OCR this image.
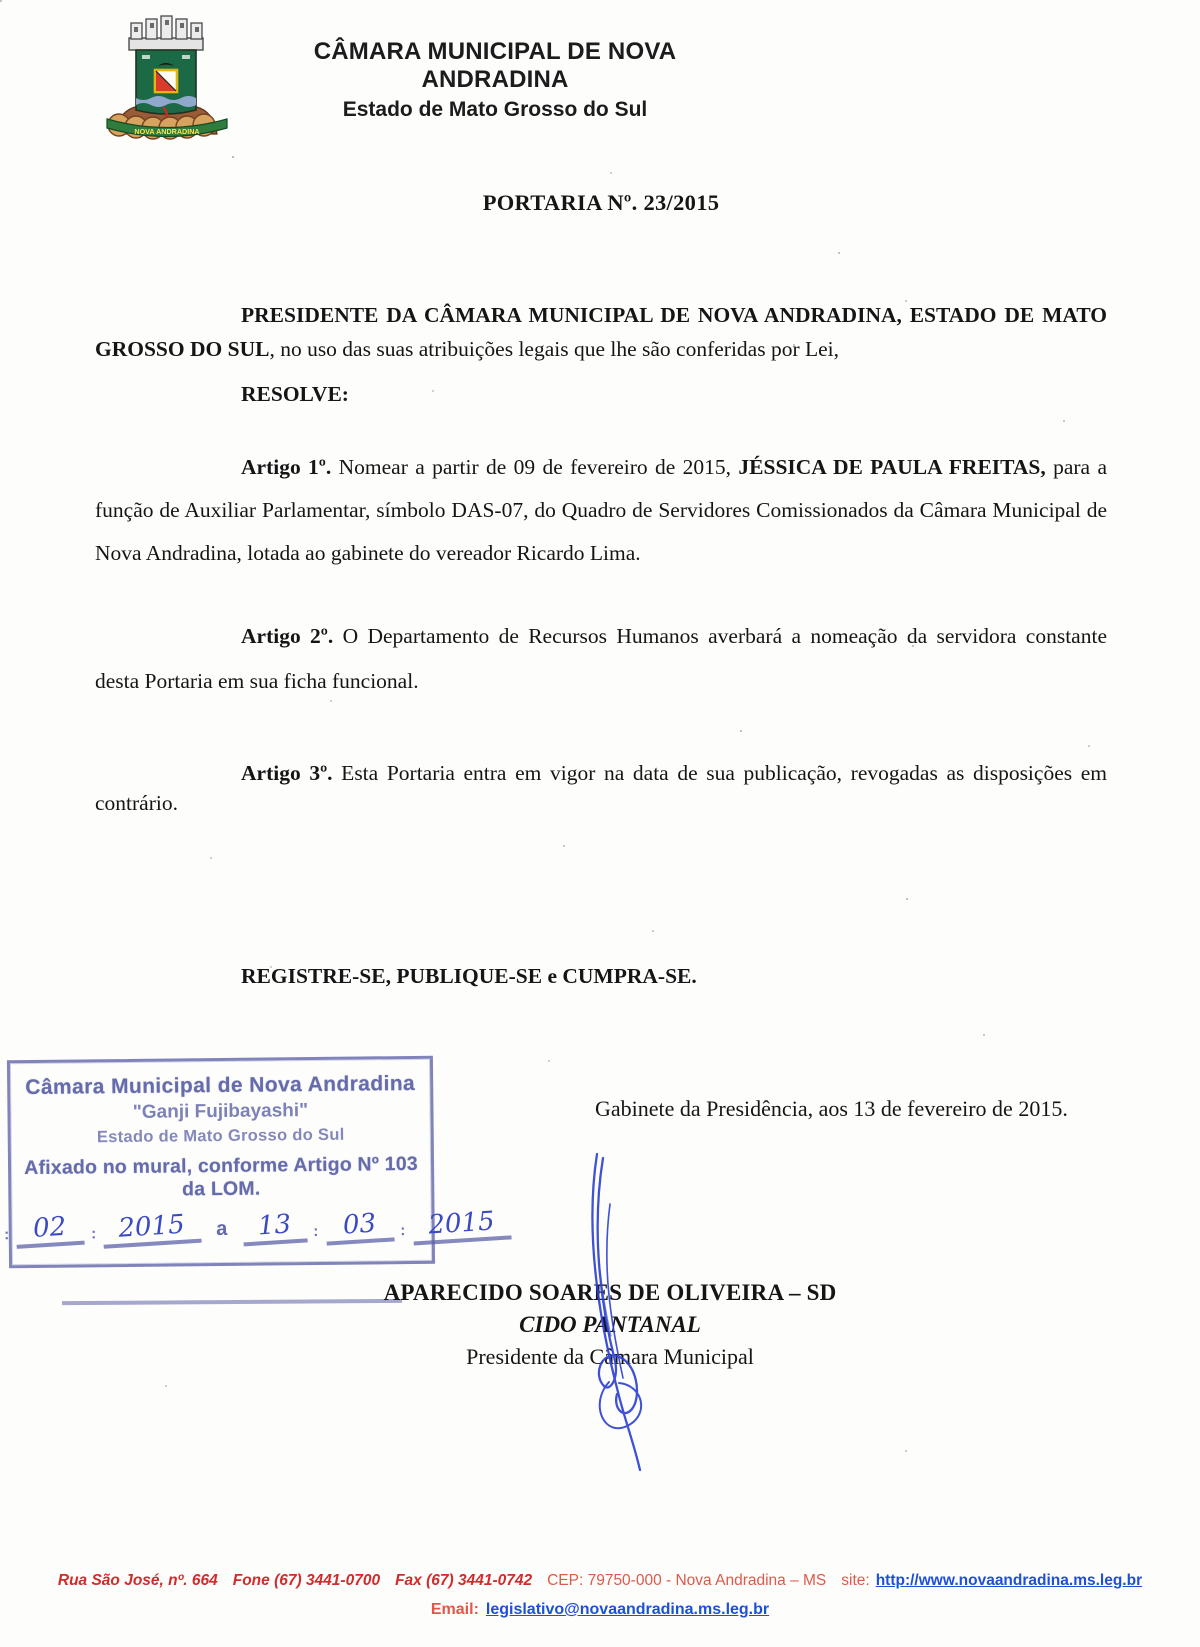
NOVA ANDRADINA
CÂMARA MUNICIPAL DE NOVA ANDRADINA
Estado de Mato Grosso do Sul
PORTARIA Nº. 23/2015

PRESIDENTE DA CÂMARA MUNICIPAL DE NOVA ANDRADINA, ESTADO DE MATO GROSSO DO SUL, no uso das suas atribuições legais que lhe são conferidas por Lei,

RESOLVE:

Artigo 1º. Nomear a partir de 09 de fevereiro de 2015, JÉSSICA DE PAULA FREITAS, para a função de Auxiliar Parlamentar, símbolo DAS-07, do Quadro de Servidores Comissionados da Câmara Municipal de Nova Andradina, lotada ao gabinete do vereador Ricardo Lima.

Artigo 2º. O Departamento de Recursos Humanos averbará a nomeação da servidora constante desta Portaria em sua ficha funcional.

Artigo 3º. Esta Portaria entra em vigor na data de sua publicação, revogadas as disposições em contrário.

REGISTRE-SE, PUBLIQUE-SE e CUMPRA-SE.

Gabinete da Presidência, aos 13 de fevereiro de 2015.
Câmara Municipal de Nova Andradina
"Ganji Fujibayashi"
Estado de Mato Grosso do Sul
Afixado no mural, conforme Artigo Nº 103 da LOM.
: 02	: 2015	a	13	: 03	: 2015
APARECIDO SOARES DE OLIVEIRA – SD
CIDO PANTANAL
Presidente da Câmara Municipal
Rua São José, nº. 664 Fone (67) 3441-0700 Fax (67) 3441-0742 CEP: 79750-000 - Nova Andradina – MS site: http://www.novaandradina.ms.leg.br
Email: legislativo@novaandradina.ms.leg.br
